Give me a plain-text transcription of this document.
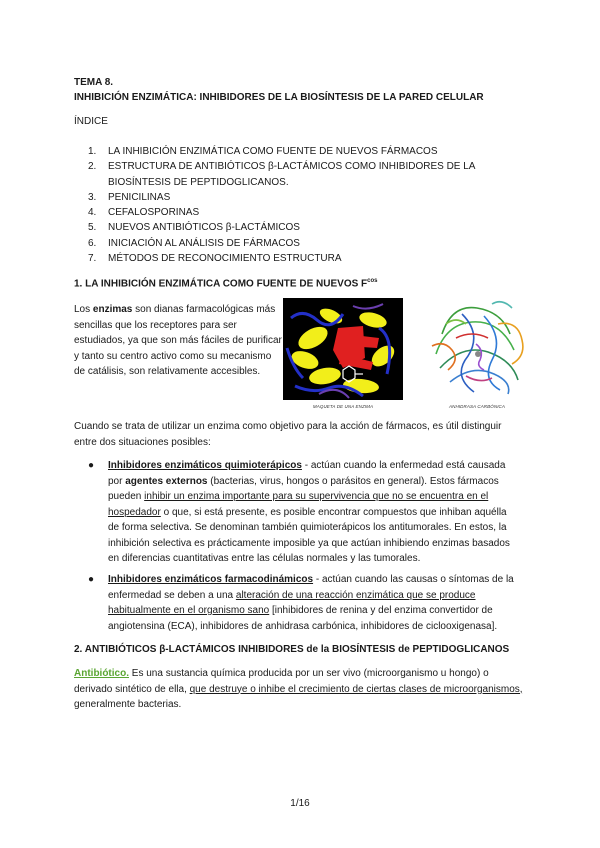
TEMA 8.
INHIBICIÓN ENZIMÁTICA: INHIBIDORES DE LA BIOSÍNTESIS DE LA PARED CELULAR
ÍNDICE
1. LA INHIBICIÓN ENZIMÁTICA COMO FUENTE DE NUEVOS FÁRMACOS
2. ESTRUCTURA DE ANTIBIÓTICOS β-LACTÁMICOS COMO INHIBIDORES DE LA BIOSÍNTESIS DE PEPTIDOGLICANOS.
3. PENICILINAS
4. CEFALOSPORINAS
5. NUEVOS ANTIBIÓTICOS β-LACTÁMICOS
6. INICIACIÓN AL ANÁLISIS DE FÁRMACOS
7. MÉTODOS DE RECONOCIMIENTO ESTRUCTURA
1. LA INHIBICIÓN ENZIMÁTICA COMO FUENTE DE NUEVOS $F^{cos}$
Los enzimas son dianas farmacológicas más sencillas que los receptores para ser estudiados, ya que son más fáciles de purificar y tanto su centro activo como su mecanismo de catálisis, son relativamente accesibles.
MAQUETA DE UNA ENZIMA	ANHIDRASA CARBÓNICA
Cuando se trata de utilizar un enzima como objetivo para la acción de fármacos, es útil distinguir entre dos situaciones posibles:
● Inhibidores enzimáticos quimioterápicos - actúan cuando la enfermedad está causada por agentes externos (bacterias, virus, hongos o parásitos en general). Estos fármacos pueden inhibir un enzima importante para su supervivencia que no se encuentra en el hospedador o que, si está presente, es posible encontrar compuestos que inhiban aquélla de forma selectiva. Se denominan también quimioterápicos los antitumorales. En estos, la inhibición selectiva es prácticamente imposible ya que actúan inhibiendo enzimas basados en diferencias cuantitativas entre las células normales y las tumorales.
● Inhibidores enzimáticos farmacodinámicos - actúan cuando las causas o síntomas de la enfermedad se deben a una alteración de una reacción enzimática que se produce habitualmente en el organismo sano [inhibidores de renina y del enzima convertidor de angiotensina (ECA), inhibidores de anhidrasa carbónica, inhibidores de ciclooxigenasa].
2. ANTIBIÓTICOS β-LACTÁMICOS INHIBIDORES de la BIOSÍNTESIS de PEPTIDOGLICANOS
Antibiótico. Es una sustancia química producida por un ser vivo (microorganismo u hongo) o derivado sintético de ella, que destruye o inhibe el crecimiento de ciertas clases de microorganismos, generalmente bacterias.
1/16
